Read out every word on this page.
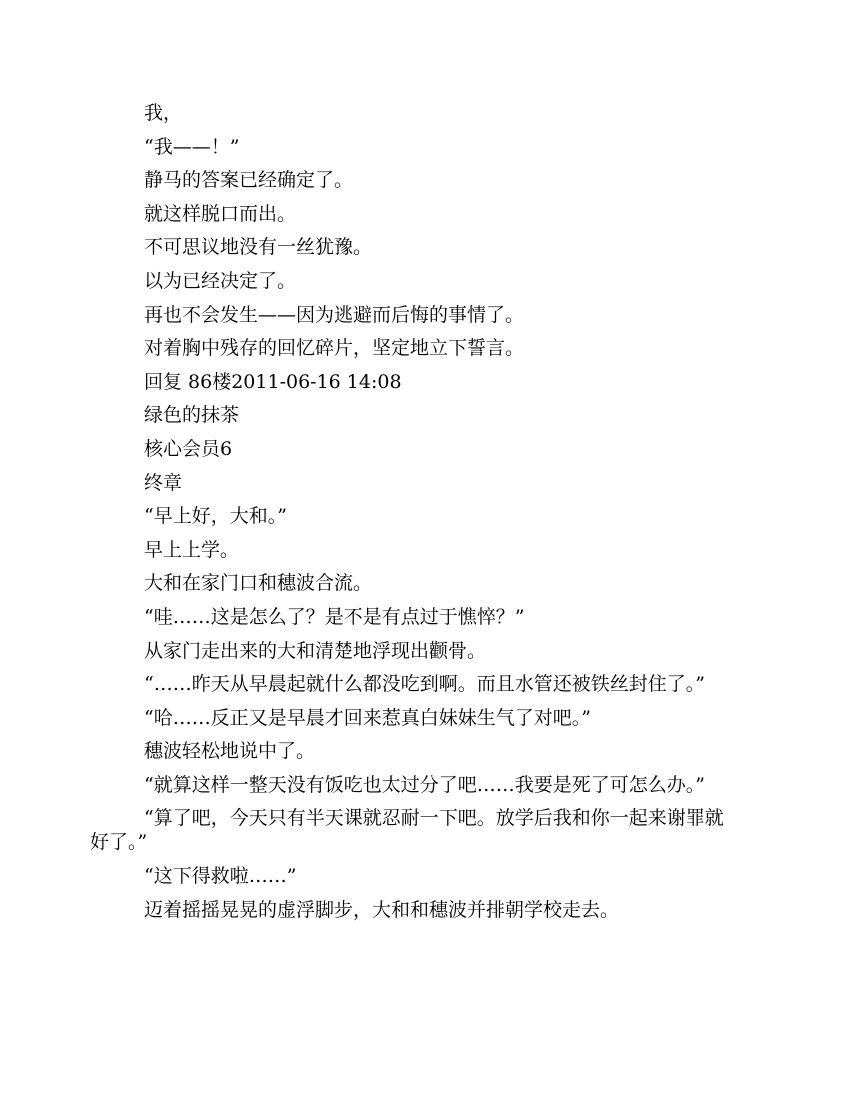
我，

“我——！”

静马的答案已经确定了。

就这样脱口而出。

不可思议地没有一丝犹豫。

以为已经决定了。

再也不会发生——因为逃避而后悔的事情了。

对着胸中残存的回忆碎片，坚定地立下誓言。

回复 86楼2011-06-16 14:08

绿色的抹茶

核心会员6

终章

“早上好，大和。”

早上上学。

大和在家门口和穗波合流。

“哇……这是怎么了？是不是有点过于憔悴？”

从家门走出来的大和清楚地浮现出颧骨。

“……昨天从早晨起就什么都没吃到啊。而且水管还被铁丝封住了。”

“哈……反正又是早晨才回来惹真白妹妹生气了对吧。”

穗波轻松地说中了。

“就算这样一整天没有饭吃也太过分了吧……我要是死了可怎么办。”

“算了吧，今天只有半天课就忍耐一下吧。放学后我和你一起来谢罪就好了。”

“这下得救啦……”

迈着摇摇晃晃的虚浮脚步，大和和穗波并排朝学校走去。
